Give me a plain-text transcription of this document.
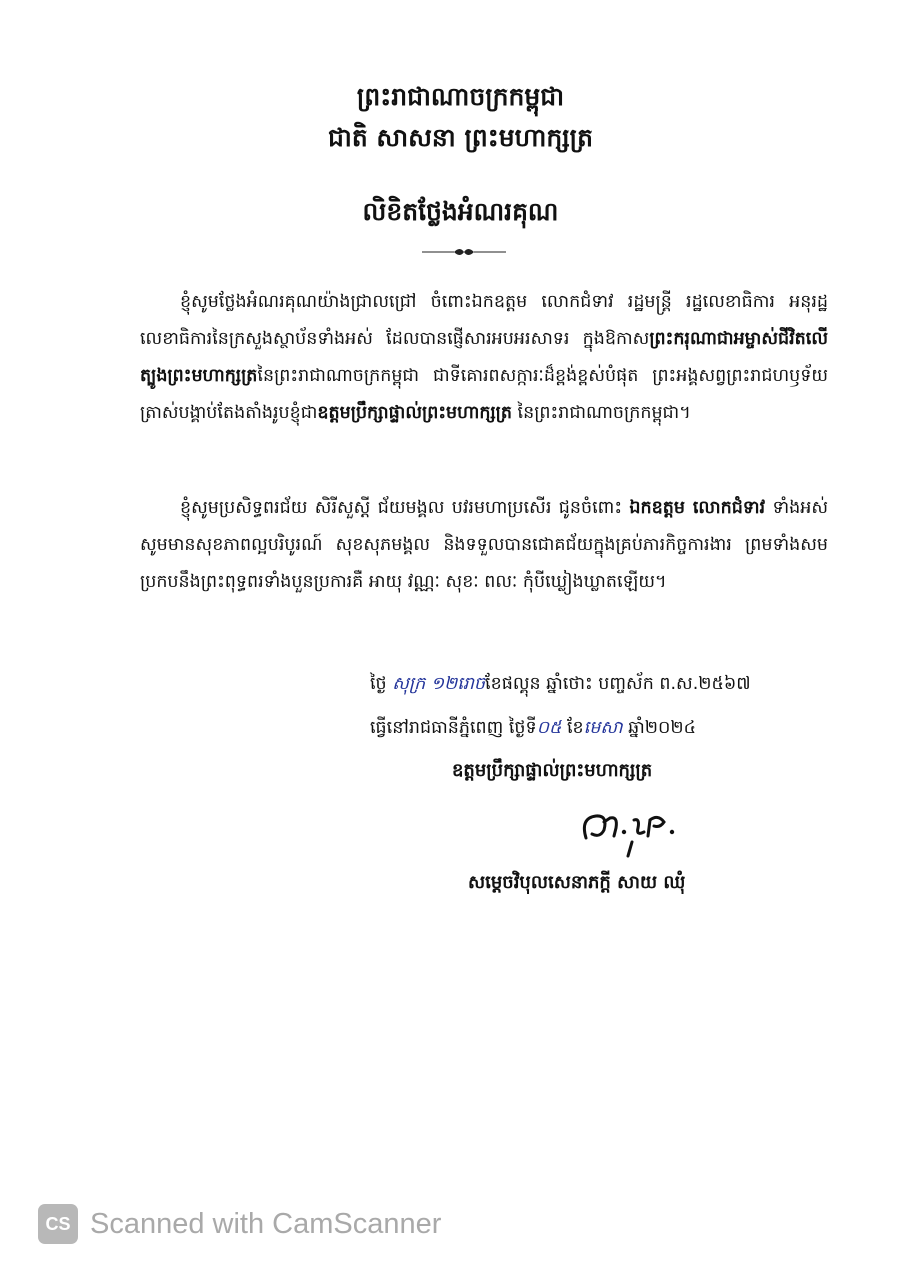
ព្រះរាជាណាចក្រកម្ពុជា
ជាតិ សាសនា ព្រះមហាក្សត្រ
លិខិតថ្លែងអំណរគុណ

ខ្ញុំសូមថ្លែងអំណរគុណយ៉ាងជ្រាលជ្រៅ ចំពោះឯកឧត្តម លោកជំទាវ រដ្ឋមន្ត្រី រដ្ឋលេខាធិការ អនុរដ្ឋលេខាធិការនៃក្រសួងស្ថាប័នទាំងអស់ ដែលបានផ្ញើសារអបអរសាទរ ក្នុងឱកាសព្រះករុណាជាអម្ចាស់ជីវិតលើត្បូងព្រះមហាក្សត្រនៃព្រះរាជាណាចក្រកម្ពុជា ជាទីគោរពសក្ការៈដ៏ខ្ពង់ខ្ពស់បំផុត ព្រះអង្គសព្វព្រះរាជហឫទ័យត្រាស់បង្គាប់តែងតាំងរូបខ្ញុំជាឧត្តមប្រឹក្សាផ្ទាល់ព្រះមហាក្សត្រ នៃព្រះរាជាណាចក្រកម្ពុជា។

ខ្ញុំសូមប្រសិទ្ធពរជ័យ សិរីសួស្តី ជ័យមង្គល បវរមហាប្រសើរ ជូនចំពោះ ឯកឧត្តម លោកជំទាវ ទាំងអស់ សូមមានសុខភាពល្អបរិបូរណ៍ សុខសុភមង្គល និងទទួលបានជោគជ័យក្នុងគ្រប់ភារកិច្ចការងារ ព្រមទាំងសមប្រកបនឹងព្រះពុទ្ធពរទាំងបួនប្រការគឺ អាយុ វណ្ណៈ សុខៈ ពលៈ កុំបីឃ្លៀងឃ្លាតឡើយ។

ថ្ងៃ សុក្រ ១២រោចខែផល្គុន ឆ្នាំថោះ បញ្ចស័ក ព.ស.២៥៦៧
ធ្វើនៅរាជធានីភ្នំពេញ ថ្ងៃទី០៥ ខែមេសា ឆ្នាំ២០២៤
ឧត្តមប្រឹក្សាផ្ទាល់ព្រះមហាក្សត្រ
សម្តេចវិបុលសេនាភក្តី សាយ ឈុំ
CS Scanned with CamScanner
